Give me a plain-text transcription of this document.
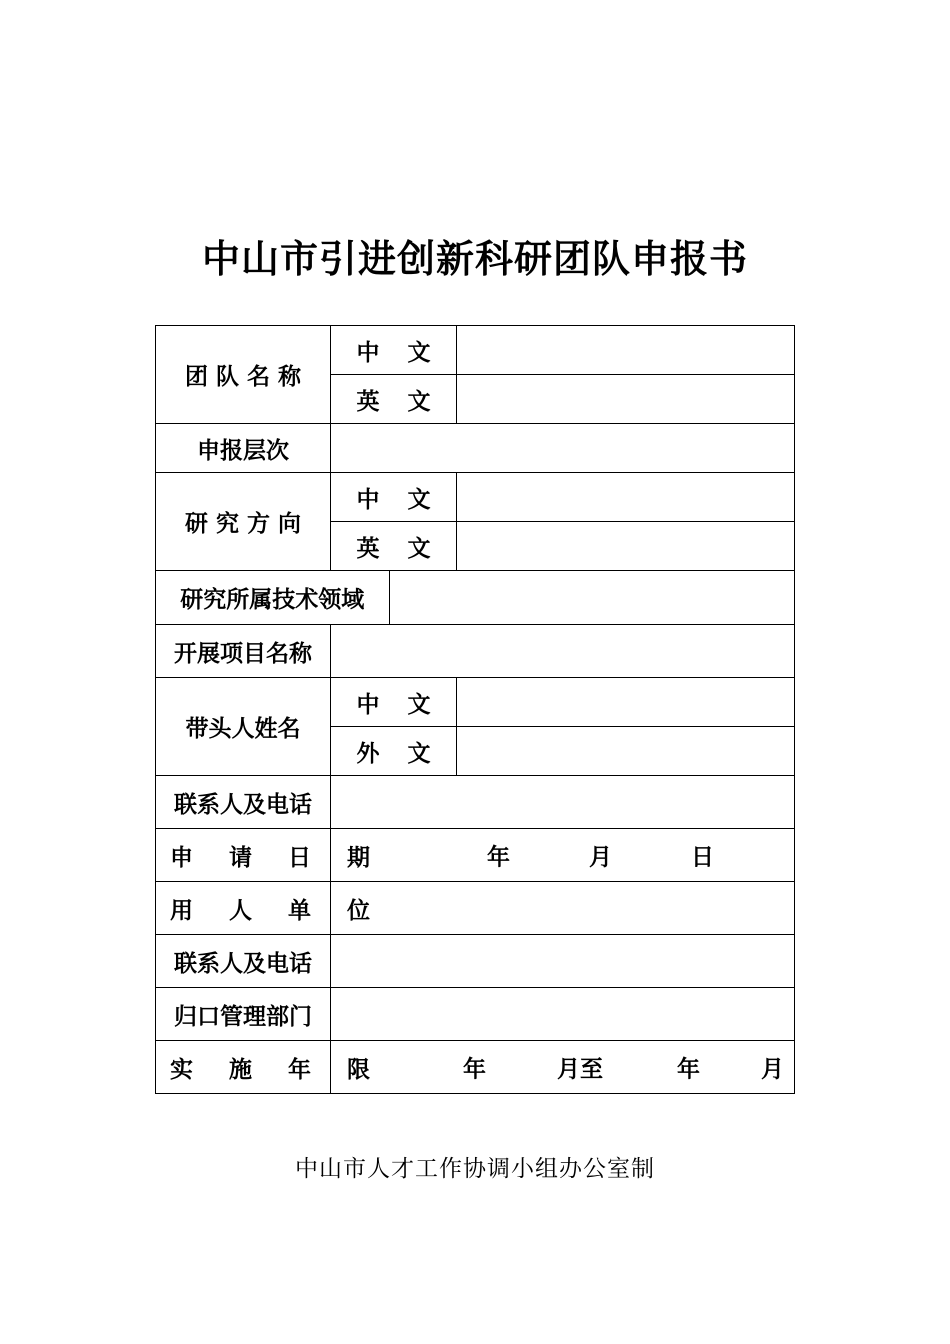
中山市引进创新科研团队申报书
团 队 名 称	中 文	
英 文	
申报层次	
研 究 方 向	中 文	
英 文	

研究所属技术领域	

开展项目名称	
带头人姓名	中 文	
外 文	
联系人及电话	
申 请 日 期	年	月	日

用 人 单 位	
联系人及电话	
归口管理部门	
实 施 年 限	年	月至	年	月
中山市人才工作协调小组办公室制
